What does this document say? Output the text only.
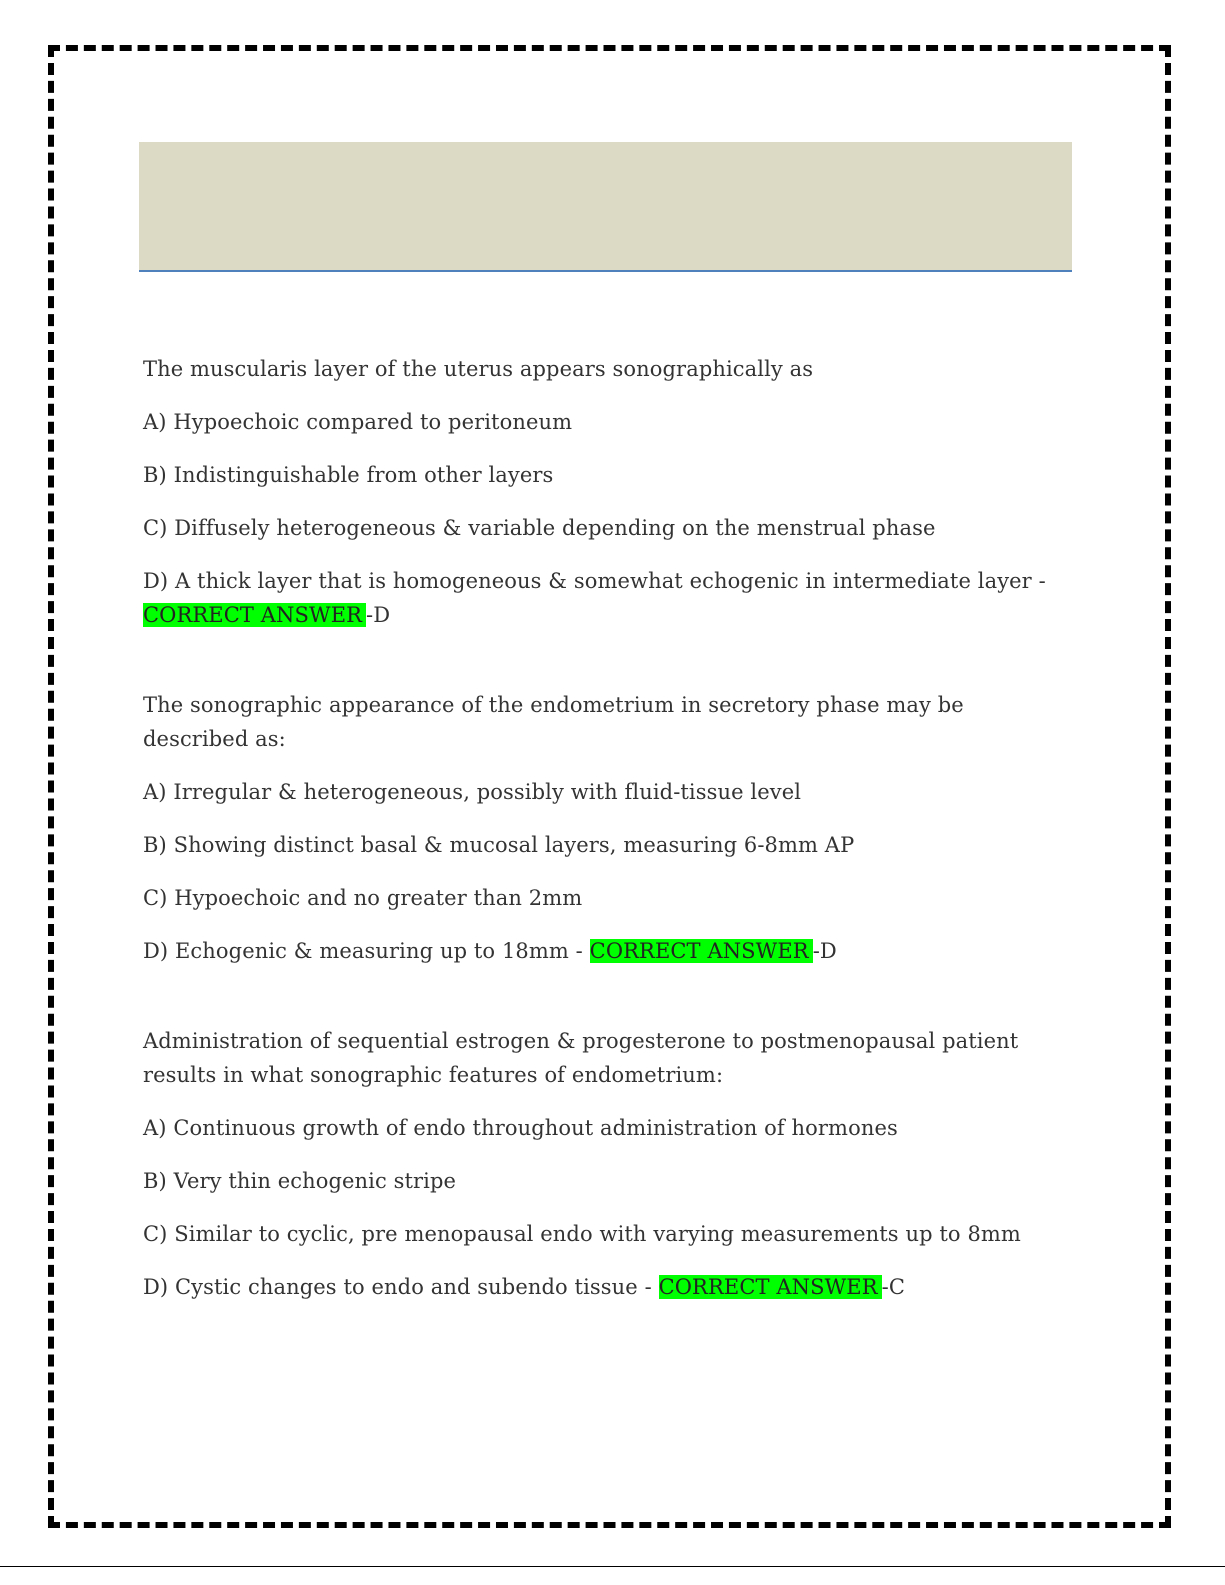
The muscularis layer of the uterus appears sonographically as

A) Hypoechoic compared to peritoneum

B) Indistinguishable from other layers

C) Diffusely heterogeneous & variable depending on the menstrual phase

D) A thick layer that is homogeneous & somewhat echogenic in intermediate layer - CORRECT ANSWER -D

The sonographic appearance of the endometrium in secretory phase may be described as:

A) Irregular & heterogeneous, possibly with fluid-tissue level

B) Showing distinct basal & mucosal layers, measuring 6-8mm AP

C) Hypoechoic and no greater than 2mm

D) Echogenic & measuring up to 18mm - CORRECT ANSWER -D

Administration of sequential estrogen & progesterone to postmenopausal patient results in what sonographic features of endometrium:

A) Continuous growth of endo throughout administration of hormones

B) Very thin echogenic stripe

C) Similar to cyclic, pre menopausal endo with varying measurements up to 8mm

D) Cystic changes to endo and subendo tissue - CORRECT ANSWER -C
